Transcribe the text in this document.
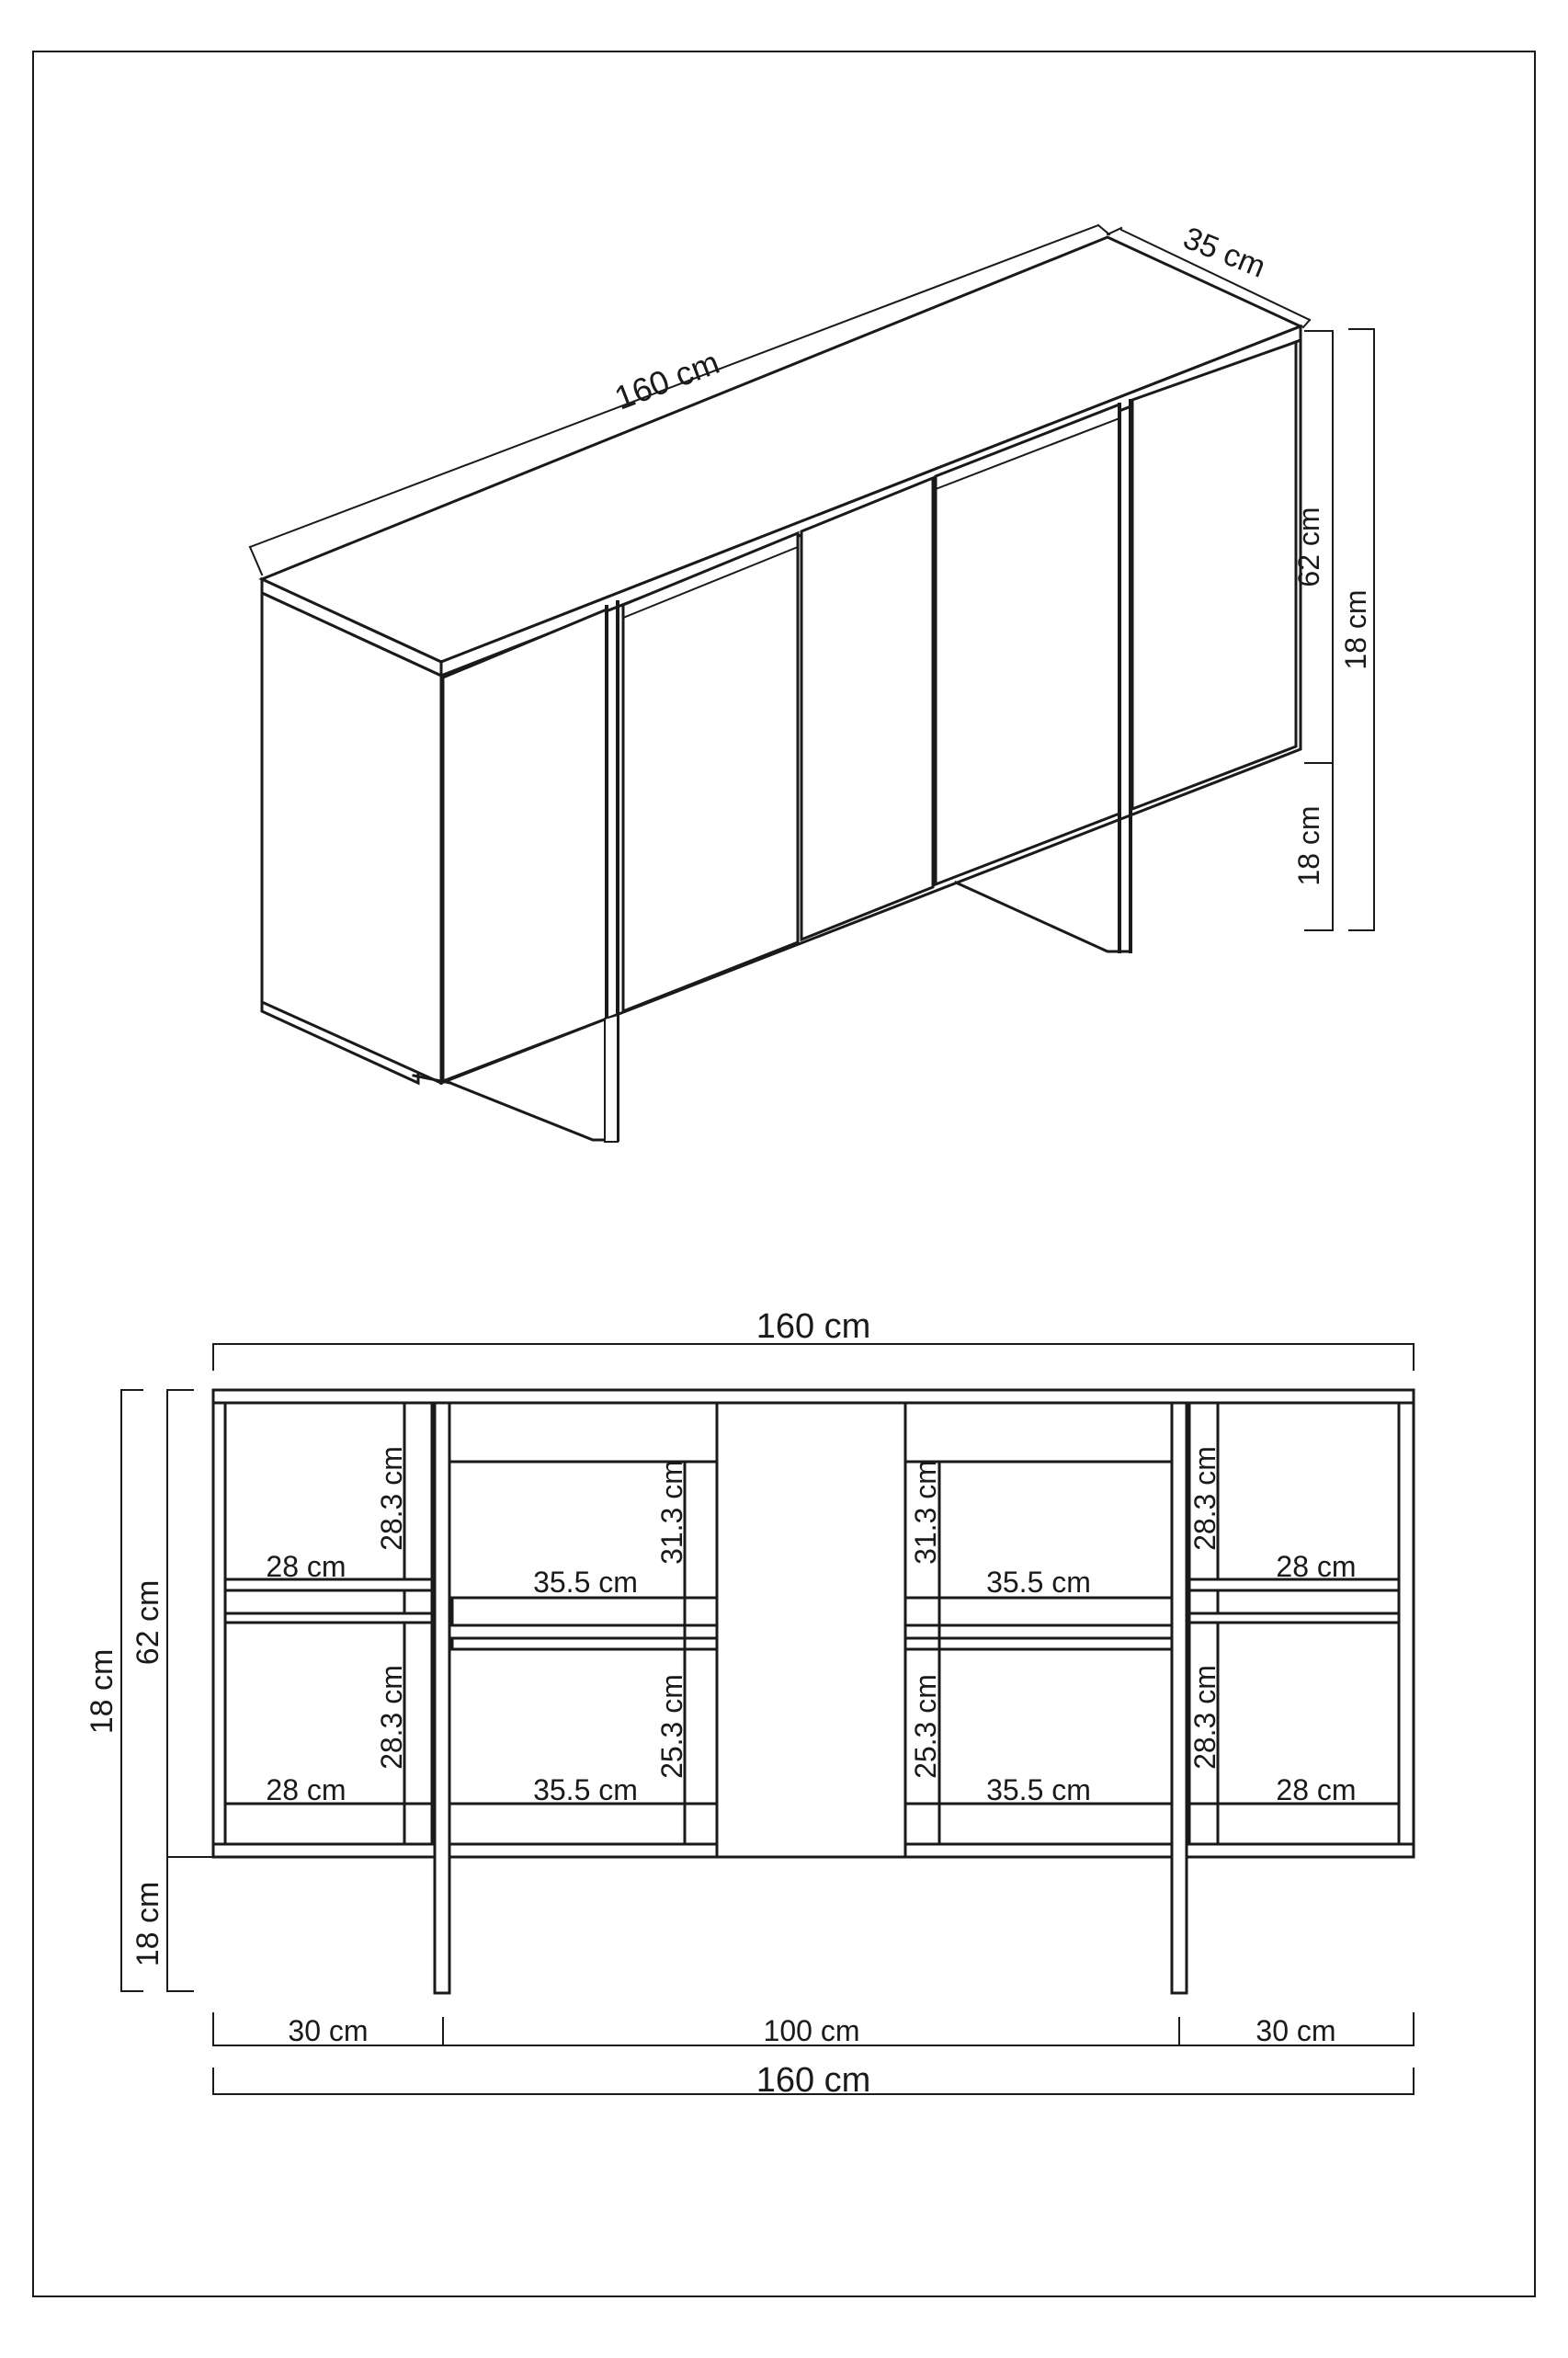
160 cm
35 cm
62 cm
18 cm
18 cm
160 cm
28 cm
28.3 cm
28 cm
28.3 cm
35.5 cm
31.3 cm
35.5 cm
25.3 cm
35.5 cm
31.3 cm
35.5 cm
25.3 cm
28 cm
28.3 cm
28 cm
28.3 cm
62 cm
18 cm
18 cm
30 cm	100 cm	30 cm
160 cm
